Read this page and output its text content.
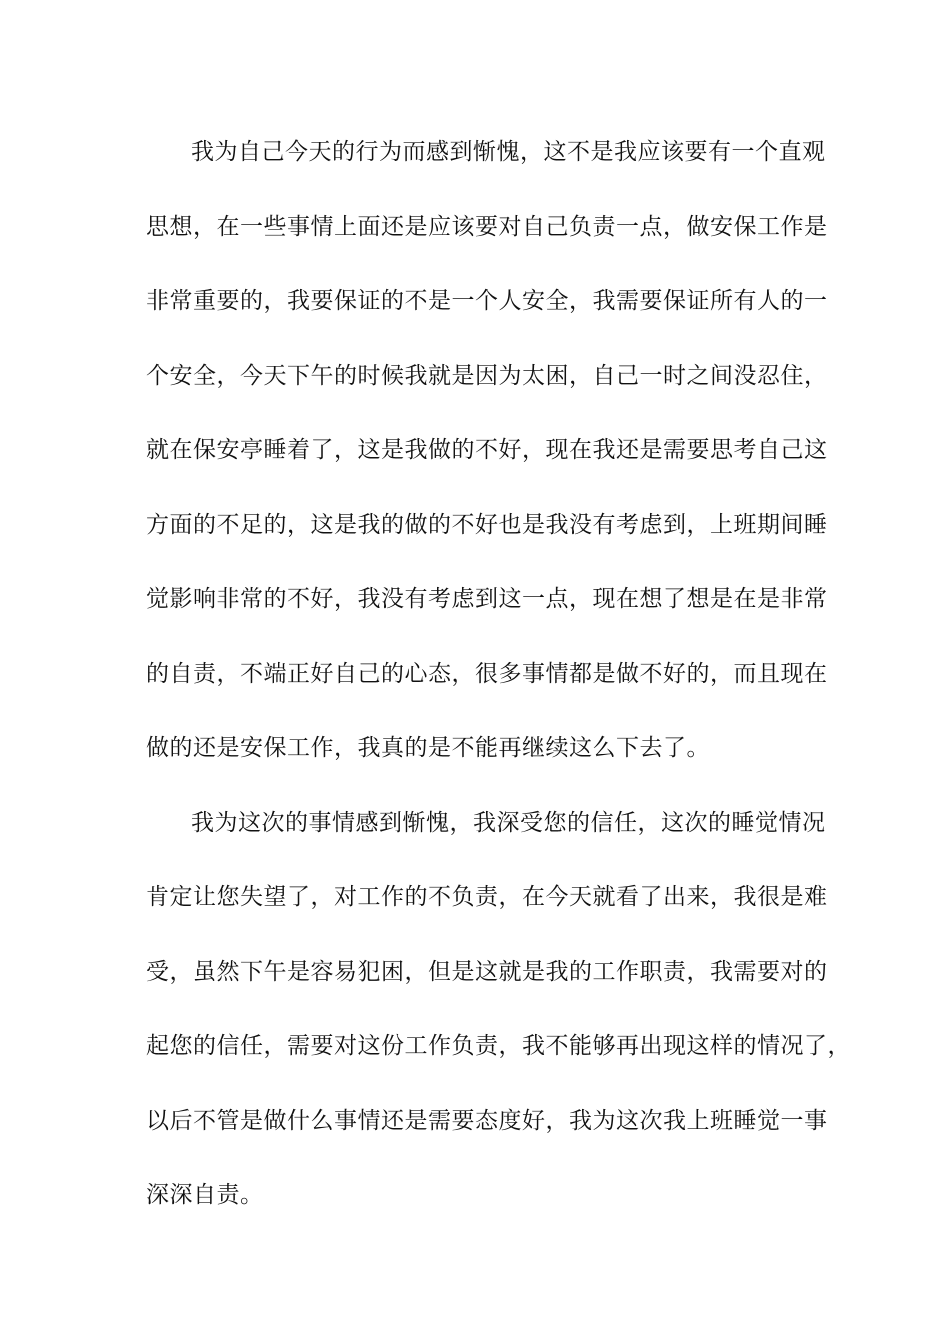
我为自己今天的行为而感到惭愧，这不是我应该要有一个直观
思想，在一些事情上面还是应该要对自己负责一点，做安保工作是
非常重要的，我要保证的不是一个人安全，我需要保证所有人的一
个安全，今天下午的时候我就是因为太困，自己一时之间没忍住，
就在保安亭睡着了，这是我做的不好，现在我还是需要思考自己这
方面的不足的，这是我的做的不好也是我没有考虑到，上班期间睡
觉影响非常的不好，我没有考虑到这一点，现在想了想是在是非常
的自责，不端正好自己的心态，很多事情都是做不好的，而且现在
做的还是安保工作，我真的是不能再继续这么下去了。
我为这次的事情感到惭愧，我深受您的信任，这次的睡觉情况
肯定让您失望了，对工作的不负责，在今天就看了出来，我很是难
受，虽然下午是容易犯困，但是这就是我的工作职责，我需要对的
起您的信任，需要对这份工作负责，我不能够再出现这样的情况了，
以后不管是做什么事情还是需要态度好，我为这次我上班睡觉一事
深深自责。
